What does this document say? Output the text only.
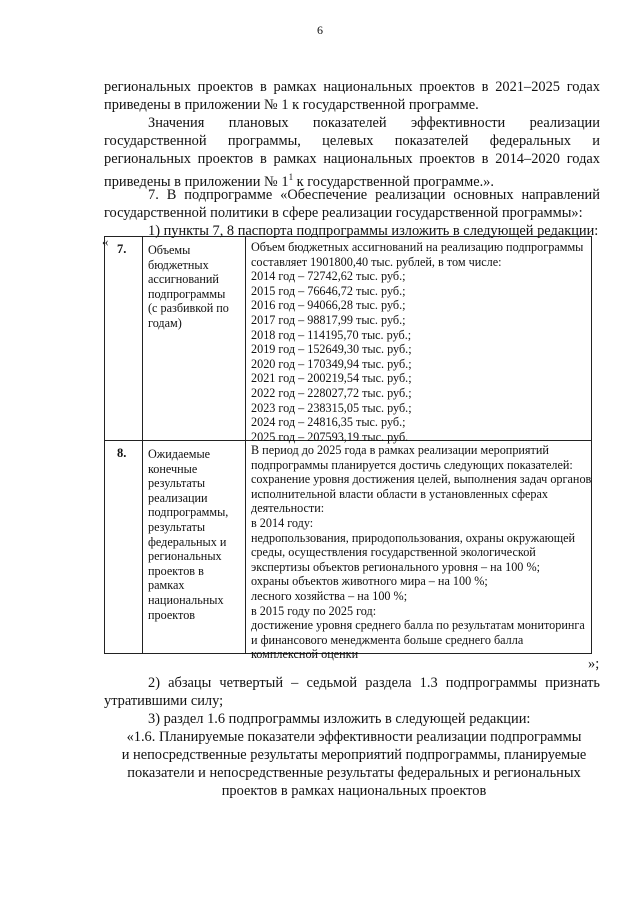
6
региональных проектов в рамках национальных проектов в 2021–2025 годах
приведены в приложении № 1 к государственной программе.
Значения плановых показателей эффективности реализации
государственной программы, целевых показателей федеральных и
региональных проектов в рамках национальных проектов в 2014–2020 годах
приведены в приложении № $1^1$ к государственной программе.».
7. В подпрограмме «Обеспечение реализации основных направлений
государственной политики в сфере реализации государственной программы»:
1) пункты 7, 8 паспорта подпрограммы изложить в следующей редакции:
« 7. Объемы
бюджетных
ассигнований
подпрограммы
(с разбивкой по
годам)
Объем бюджетных ассигнований на реализацию подпрограммы
составляет 1901800,40 тыс. рублей, в том числе:
2014 год – 72742,62 тыс. руб.;
2015 год – 76646,72 тыс. руб.;
2016 год – 94066,28 тыс. руб.;
2017 год – 98817,99 тыс. руб.;
2018 год – 114195,70 тыс. руб.;
2019 год – 152649,30 тыс. руб.;
2020 год – 170349,94 тыс. руб.;
2021 год – 200219,54 тыс. руб.;
2022 год – 228027,72 тыс. руб.;
2023 год – 238315,05 тыс. руб.;
2024 год – 24816,35 тыс. руб.;
2025 год – 207593,19 тыс. руб.
8. Ожидаемые
конечные
результаты
реализации
подпрограммы,
результаты
федеральных и
региональных
проектов в
рамках
национальных
проектов
В период до 2025 года в рамках реализации мероприятий
подпрограммы планируется достичь следующих показателей:
сохранение уровня достижения целей, выполнения задач органов
исполнительной власти области в установленных сферах
деятельности:
в 2014 году:
недропользования, природопользования, охраны окружающей
среды, осуществления государственной экологической
экспертизы объектов регионального уровня – на 100 %;
охраны объектов животного мира – на 100 %;
лесного хозяйства – на 100 %;
в 2015 году по 2025 год:
достижение уровня среднего балла по результатам мониторинга
и финансового менеджмента больше среднего балла
комплексной оценки
»;
2) абзацы четвертый – седьмой раздела 1.3 подпрограммы признать
утратившими силу;
3) раздел 1.6 подпрограммы изложить в следующей редакции:
«1.6. Планируемые показатели эффективности реализации подпрограммы
и непосредственные результаты мероприятий подпрограммы, планируемые
показатели и непосредственные результаты федеральных и региональных
проектов в рамках национальных проектов
